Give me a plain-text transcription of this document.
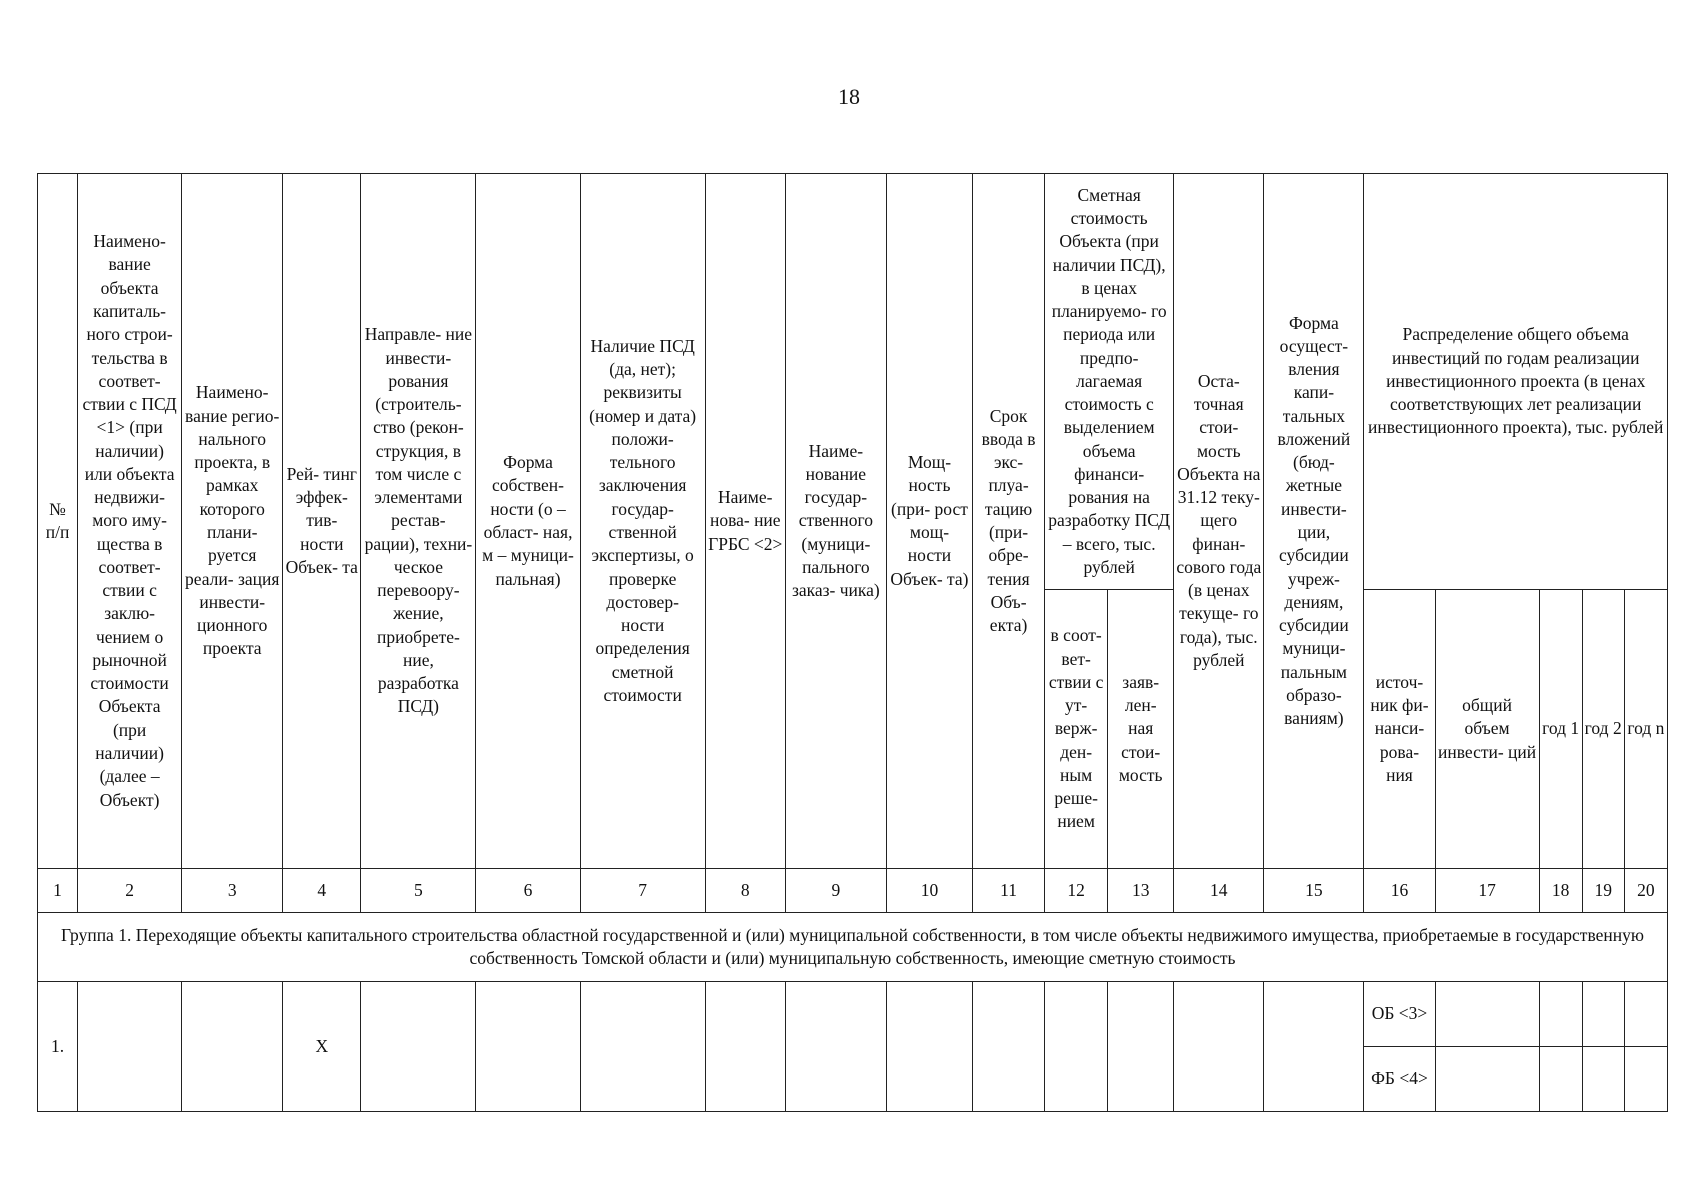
18
№ п/п	Наимено- вание объекта капиталь- ного строи- тельства в соответ- ствии с ПСД <1> (при наличии) или объекта недвижи- мого иму- щества в соответ- ствии с заклю- чением о рыночной стоимости Объекта (при наличии) (далее – Объект)	Наимено- вание регио- нального проекта, в рамках которого плани- руется реали- зация инвести- ционного проекта	Рей- тинг эффек- тив- ности Объек- та	Направле- ние инвести- рования (строитель- ство (рекон- струкция, в том числе с элементами рестав- рации), техни- ческое перевоору- жение, приобрете- ние, разработка ПСД)	Форма собствен- ности (о – област- ная, м – муници- пальная)	Наличие ПСД (да, нет); реквизиты (номер и дата) положи- тельного заключения государ- ственной экспертизы, о проверке достовер- ности определения сметной стоимости	Наиме- нова- ние ГРБС <2>	Наиме- нование государ- ственного (муници- пального заказ- чика)	Мощ- ность (при- рост мощ- ности Объек- та)	Срок ввода в экс- плуа- тацию (при- обре- тения Объ- екта)	Сметная стоимость Объекта (при наличии ПСД), в ценах планируемо- го периода или предпо- лагаемая стоимость с выделением объема финанси- рования на разработку ПСД – всего, тыс. рублей		Оста- точная стои- мость Объекта на 31.12 теку- щего финан- сового года (в ценах текуще- го года), тыс. рублей	Форма осущест- вления капи- тальных вложений (бюд- жетные инвести- ции, субсидии учреж- дениям, субсидии муници- пальным образо- ваниям)	Распределение общего объема инвестиций по годам реализации инвестиционного проекта (в ценах соответствующих лет реализации инвестиционного проекта), тыс. рублей				
											в соот- вет- ствии с ут- верж- ден- ным реше- нием	заяв- лен- ная стои- мость			источ- ник фи- нанси- рова- ния	общий объем инвести- ций	год 1	год 2	год n
1	2	3	4	5	6	7	8	9	10	11	12	13	14	15	16	17	18	19	20
Группа 1. Переходящие объекты капитального строительства областной государственной и (или) муниципальной собственности, в том числе объекты недвижимого имущества, приобретаемые в государственную собственность Томской области и (или) муниципальную собственность, имеющие сметную стоимость																			
1.			X												ОБ <3>				
															ФБ <4>				
